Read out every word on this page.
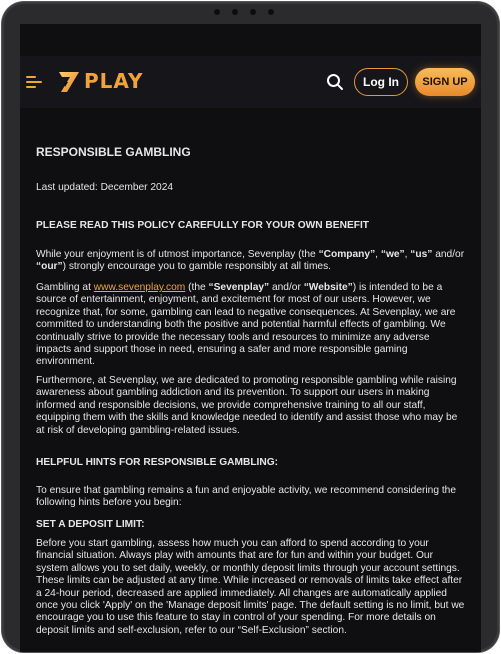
PLAY	Log In	SIGN UP

RESPONSIBLE GAMBLING

Last updated: December 2024

PLEASE READ THIS POLICY CAREFULLY FOR YOUR OWN BENEFIT

While your enjoyment is of utmost importance, Sevenplay (the “Company”, “we”, “us” and/or “our”) strongly encourage you to gamble responsibly at all times.

Gambling at www.sevenplay.com (the “Sevenplay” and/or “Website”) is intended to be a source of entertainment, enjoyment, and excitement for most of our users. However, we recognize that, for some, gambling can lead to negative consequences. At Sevenplay, we are committed to understanding both the positive and potential harmful effects of gambling. We continually strive to provide the necessary tools and resources to minimize any adverse impacts and support those in need, ensuring a safer and more responsible gaming environment.

Furthermore, at Sevenplay, we are dedicated to promoting responsible gambling while raising awareness about gambling addiction and its prevention. To support our users in making informed and responsible decisions, we provide comprehensive training to all our staff, equipping them with the skills and knowledge needed to identify and assist those who may be at risk of developing gambling-related issues.

HELPFUL HINTS FOR RESPONSIBLE GAMBLING:

To ensure that gambling remains a fun and enjoyable activity, we recommend considering the following hints before you begin:

SET A DEPOSIT LIMIT:

Before you start gambling, assess how much you can afford to spend according to your financial situation. Always play with amounts that are for fun and within your budget. Our system allows you to set daily, weekly, or monthly deposit limits through your account settings. These limits can be adjusted at any time. While increased or removals of limits take effect after a 24-hour period, decreased are applied immediately. All changes are automatically applied once you click 'Apply' on the 'Manage deposit limits' page. The default setting is no limit, but we encourage you to use this feature to stay in control of your spending. For more details on deposit limits and self-exclusion, refer to our “Self-Exclusion” section.
